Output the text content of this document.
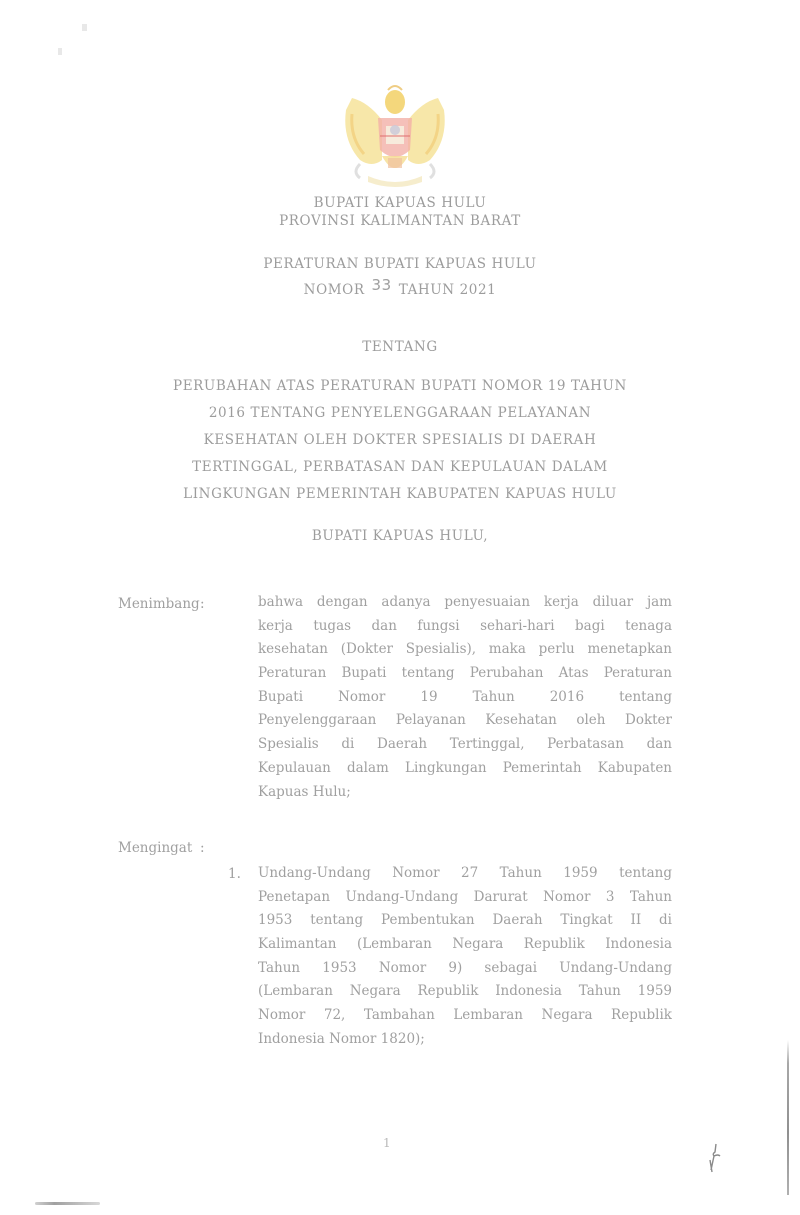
BUPATI KAPUAS HULU
PROVINSI KALIMANTAN BARAT
PERATURAN BUPATI KAPUAS HULU
NOMOR 33 TAHUN 2021
TENTANG
PERUBAHAN ATAS PERATURAN BUPATI NOMOR 19 TAHUN
2016 TENTANG PENYELENGGARAAN PELAYANAN
KESEHATAN OLEH DOKTER SPESIALIS DI DAERAH
TERTINGGAL, PERBATASAN DAN KEPULAUAN DALAM
LINGKUNGAN PEMERINTAH KABUPATEN KAPUAS HULU
BUPATI KAPUAS HULU,
Menimbang :	bahwa dengan adanya penyesuaian kerja diluar jam
kerja tugas dan fungsi sehari-hari bagi tenaga
kesehatan (Dokter Spesialis), maka perlu menetapkan
Peraturan Bupati tentang Perubahan Atas Peraturan
Bupati Nomor 19 Tahun 2016 tentang
Penyelenggaraan Pelayanan Kesehatan oleh Dokter
Spesialis di Daerah Tertinggal, Perbatasan dan
Kepulauan dalam Lingkungan Pemerintah Kabupaten
Kapuas Hulu;
Mengingat :
1. Undang-Undang Nomor 27 Tahun 1959 tentang
Penetapan Undang-Undang Darurat Nomor 3 Tahun
1953 tentang Pembentukan Daerah Tingkat II di
Kalimantan (Lembaran Negara Republik Indonesia
Tahun 1953 Nomor 9) sebagai Undang-Undang
(Lembaran Negara Republik Indonesia Tahun 1959
Nomor 72, Tambahan Lembaran Negara Republik
Indonesia Nomor 1820);
1
